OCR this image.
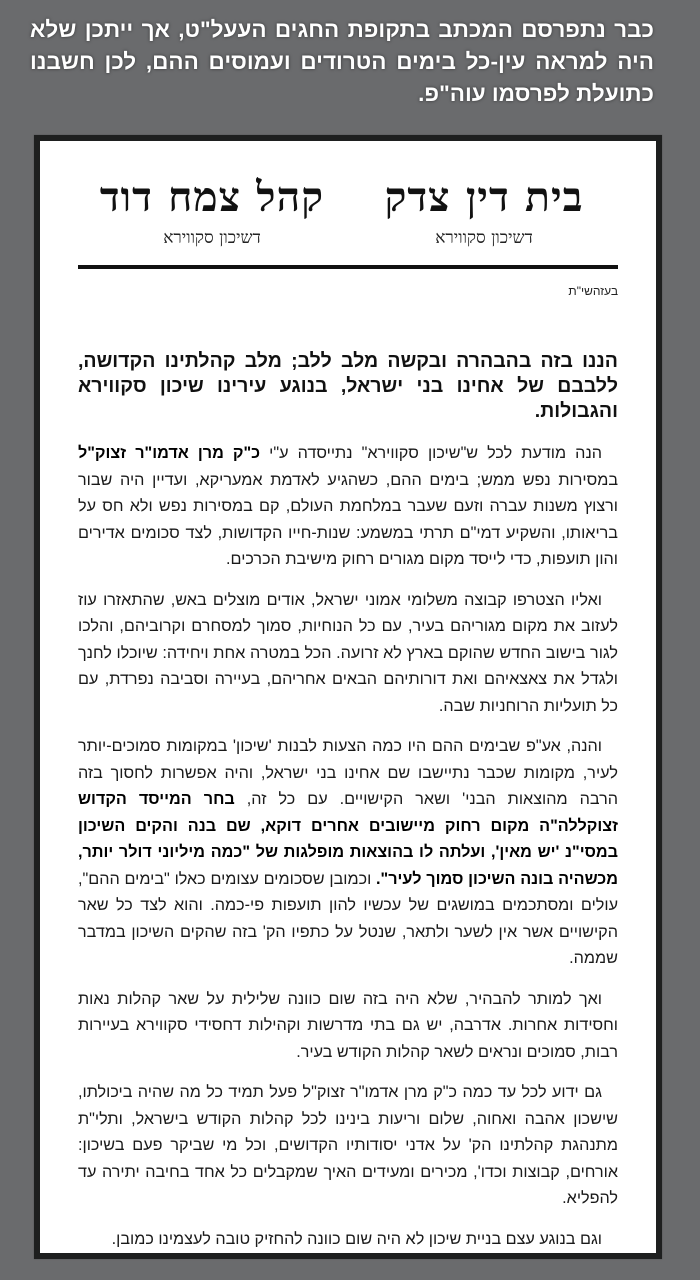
כבר נתפרסם המכתב בתקופת החגים העעל"ט, אך ייתכן שלא היה למראה עין-כל בימים הטרודים ועמוסים ההם, לכן חשבנו כתועלת לפרסמו עוה"פ.
בית דין צדק
דשיכון סקווירא
קהל צמח דוד
דשיכון סקווירא
בעזהשי"ת

הננו בזה בהבהרה ובקשה מלב ללב; מלב קהלתינו הקדושה, ללבבם של אחינו בני ישראל, בנוגע עירינו שיכון סקווירא והגבולות.

הנה מודעת לכל ש"שיכון סקווירא" נתייסדה ע"י כ"ק מרן אדמו"ר זצוק"ל במסירות נפש ממש; בימים ההם, כשהגיע לאדמת אמעריקא, ועדיין היה שבור ורצוץ משנות עברה וזעם שעבר במלחמת העולם, קם במסירות נפש ולא חס על בריאותו, והשקיע דמי"ם תרתי במשמע: שנות-חייו הקדושות, לצד סכומים אדירים והון תועפות, כדי לייסד מקום מגורים רחוק מישיבת הכרכים.

ואליו הצטרפו קבוצה משלומי אמוני ישראל, אודים מוצלים באש, שהתאזרו עוז לעזוב את מקום מגוריהם בעיר, עם כל הנוחיות, סמוך למסחרם וקרוביהם, והלכו לגור בישוב החדש שהוקם בארץ לא זרועה. הכל במטרה אחת ויחידה: שיוכלו לחנך ולגדל את צאצאיהם ואת דורותיהם הבאים אחריהם, בעיירה וסביבה נפרדת, עם כל תועליות הרוחניות שבה.

והנה, אע"פ שבימים ההם היו כמה הצעות לבנות 'שיכון' במקומות סמוכים-יותר לעיר, מקומות שכבר נתיישבו שם אחינו בני ישראל, והיה אפשרות לחסוך בזה הרבה מהוצאות הבני' ושאר הקישויים. עם כל זה, בחר המייסד הקדוש זצוקללה"ה מקום רחוק מיישובים אחרים דוקא, שם בנה והקים השיכון במסי"נ 'יש מאין', ועלתה לו בהוצאות מופלגות של "כמה מיליוני דולר יותר, מכשהיה בונה השיכון סמוך לעיר". וכמובן שסכומים עצומים כאלו "בימים ההם", עולים ומסתכמים במושגים של עכשיו להון תועפות פי-כמה. והוא לצד כל שאר הקישויים אשר אין לשער ולתאר, שנטל על כתפיו הק' בזה שהקים השיכון במדבר שממה.

ואך למותר להבהיר, שלא היה בזה שום כוונה שלילית על שאר קהלות נאות וחסידות אחרות. אדרבה, יש גם בתי מדרשות וקהילות דחסידי סקווירא בעיירות רבות, סמוכים ונראים לשאר קהלות הקודש בעיר.

גם ידוע לכל עד כמה כ"ק מרן אדמו"ר זצוק"ל פעל תמיד כל מה שהיה ביכולתו, שישכון אהבה ואחוה, שלום וריעות בינינו לכל קהלות הקודש בישראל, ותלי"ת מתנהגת קהלתינו הק' על אדני יסודותיו הקדושים, וכל מי שביקר פעם בשיכון: אורחים, קבוצות וכדו', מכירים ומעידים האיך שמקבלים כל אחד בחיבה יתירה עד להפליא.

וגם בנוגע עצם בניית שיכון לא היה שום כוונה להחזיק טובה לעצמינו כמובן.
